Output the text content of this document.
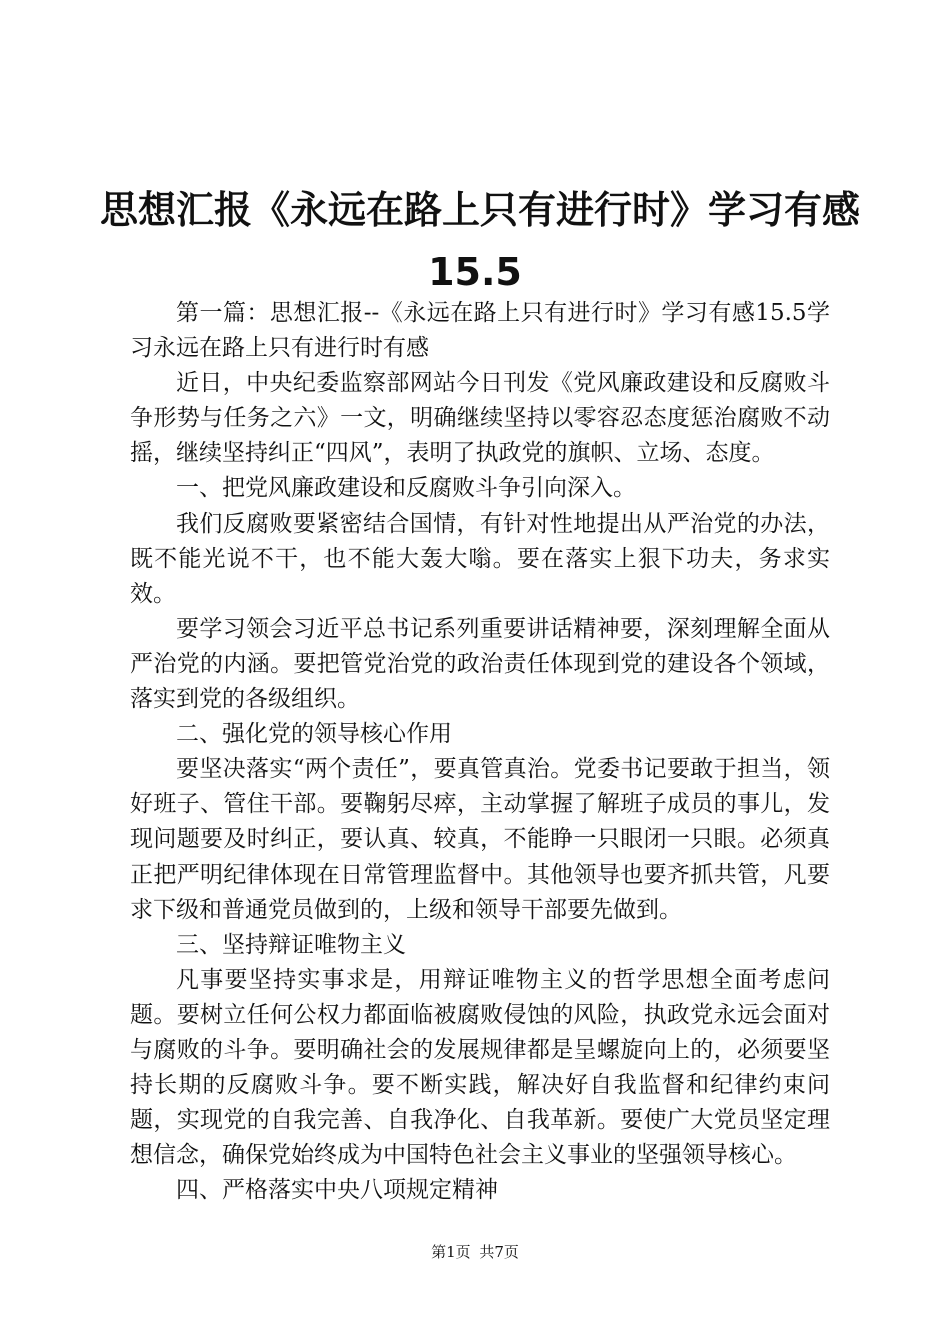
思想汇报《永远在路上只有进行时》学习有感
15.5

第一篇：思想汇报--《永远在路上只有进行时》学习有感15.5学习永远在路上只有进行时有感

近日，中央纪委监察部网站今日刊发《党风廉政建设和反腐败斗争形势与任务之六》一文，明确继续坚持以零容忍态度惩治腐败不动摇，继续坚持纠正“四风”，表明了执政党的旗帜、立场、态度。

一、把党风廉政建设和反腐败斗争引向深入。

我们反腐败要紧密结合国情，有针对性地提出从严治党的办法，既不能光说不干，也不能大轰大嗡。要在落实上狠下功夫，务求实效。

要学习领会习近平总书记系列重要讲话精神要，深刻理解全面从严治党的内涵。要把管党治党的政治责任体现到党的建设各个领域，落实到党的各级组织。

二、强化党的领导核心作用

要坚决落实“两个责任”，要真管真治。党委书记要敢于担当，领好班子、管住干部。要鞠躬尽瘁，主动掌握了解班子成员的事儿，发现问题要及时纠正，要认真、较真，不能睁一只眼闭一只眼。必须真正把严明纪律体现在日常管理监督中。其他领导也要齐抓共管，凡要求下级和普通党员做到的，上级和领导干部要先做到。

三、坚持辩证唯物主义

凡事要坚持实事求是，用辩证唯物主义的哲学思想全面考虑问题。要树立任何公权力都面临被腐败侵蚀的风险，执政党永远会面对与腐败的斗争。要明确社会的发展规律都是呈螺旋向上的，必须要坚持长期的反腐败斗争。要不断实践，解决好自我监督和纪律约束问题，实现党的自我完善、自我净化、自我革新。要使广大党员坚定理想信念，确保党始终成为中国特色社会主义事业的坚强领导核心。

四、严格落实中央八项规定精神

第1页 共7页
